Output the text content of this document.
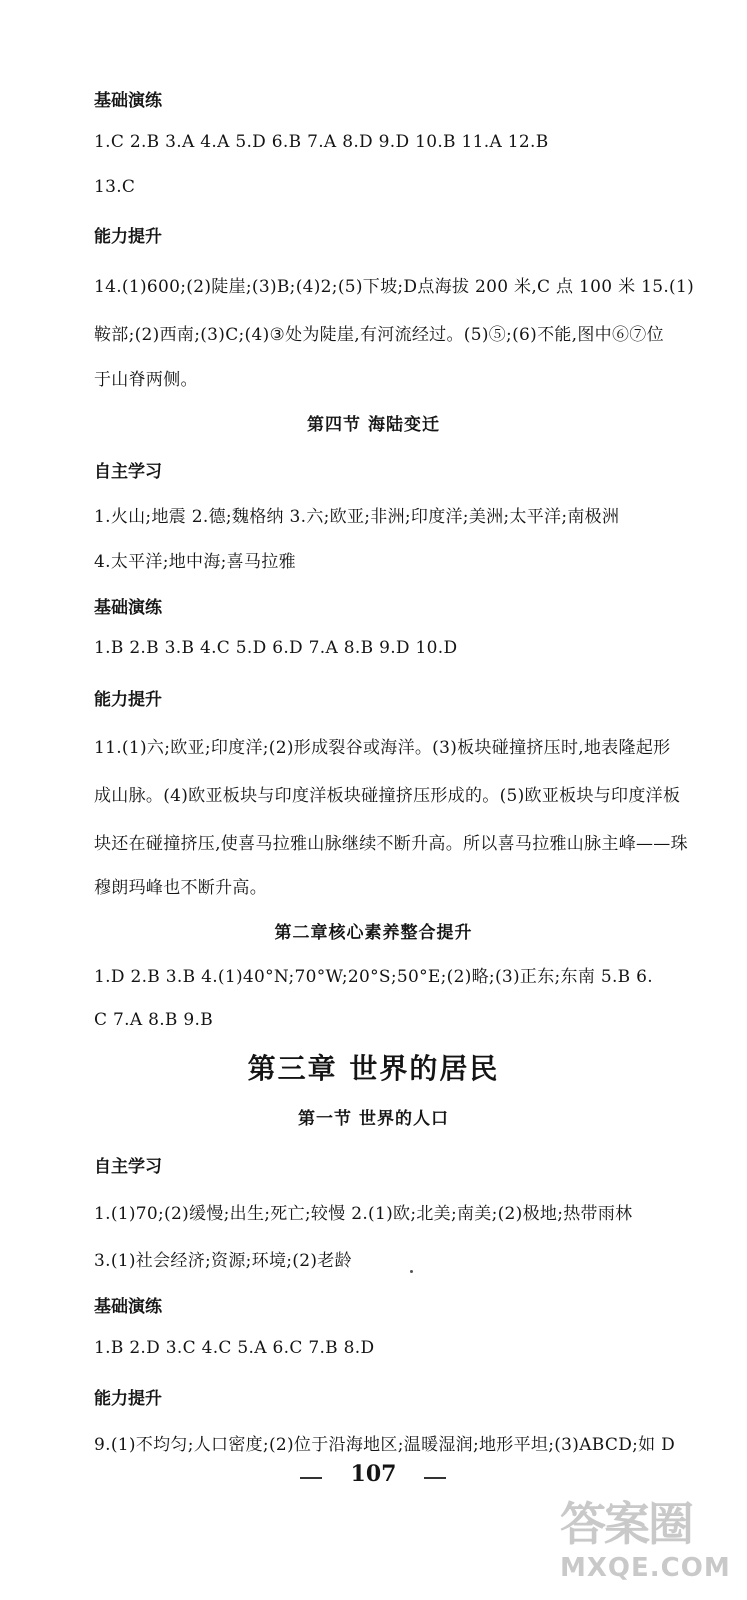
基础演练
1.C 2.B 3.A 4.A 5.D 6.B 7.A 8.D 9.D 10.B 11.A 12.B
13.C
能力提升
14.(1)600;(2)陡崖;(3)B;(4)2;(5)下坡;D点海拔 200 米,C 点 100 米 15.(1)
鞍部;(2)西南;(3)C;(4)③处为陡崖,有河流经过。(5)⑤;(6)不能,图中⑥⑦位
于山脊两侧。
第四节 海陆变迁
自主学习
1.火山;地震 2.德;魏格纳 3.六;欧亚;非洲;印度洋;美洲;太平洋;南极洲
4.太平洋;地中海;喜马拉雅
基础演练
1.B 2.B 3.B 4.C 5.D 6.D 7.A 8.B 9.D 10.D
能力提升
11.(1)六;欧亚;印度洋;(2)形成裂谷或海洋。(3)板块碰撞挤压时,地表隆起形
成山脉。(4)欧亚板块与印度洋板块碰撞挤压形成的。(5)欧亚板块与印度洋板
块还在碰撞挤压,使喜马拉雅山脉继续不断升高。所以喜马拉雅山脉主峰——珠
穆朗玛峰也不断升高。
第二章核心素养整合提升
1.D 2.B 3.B 4.(1)40°N;70°W;20°S;50°E;(2)略;(3)正东;东南 5.B 6.
C 7.A 8.B 9.B
第三章 世界的居民
第一节 世界的人口
自主学习
1.(1)70;(2)缓慢;出生;死亡;较慢 2.(1)欧;北美;南美;(2)极地;热带雨林
3.(1)社会经济;资源;环境;(2)老龄
基础演练
1.B 2.D 3.C 4.C 5.A 6.C 7.B 8.D
能力提升
9.(1)不均匀;人口密度;(2)位于沿海地区;温暖湿润;地形平坦;(3)ABCD;如 D
107
答案圈
MXQE.COM
